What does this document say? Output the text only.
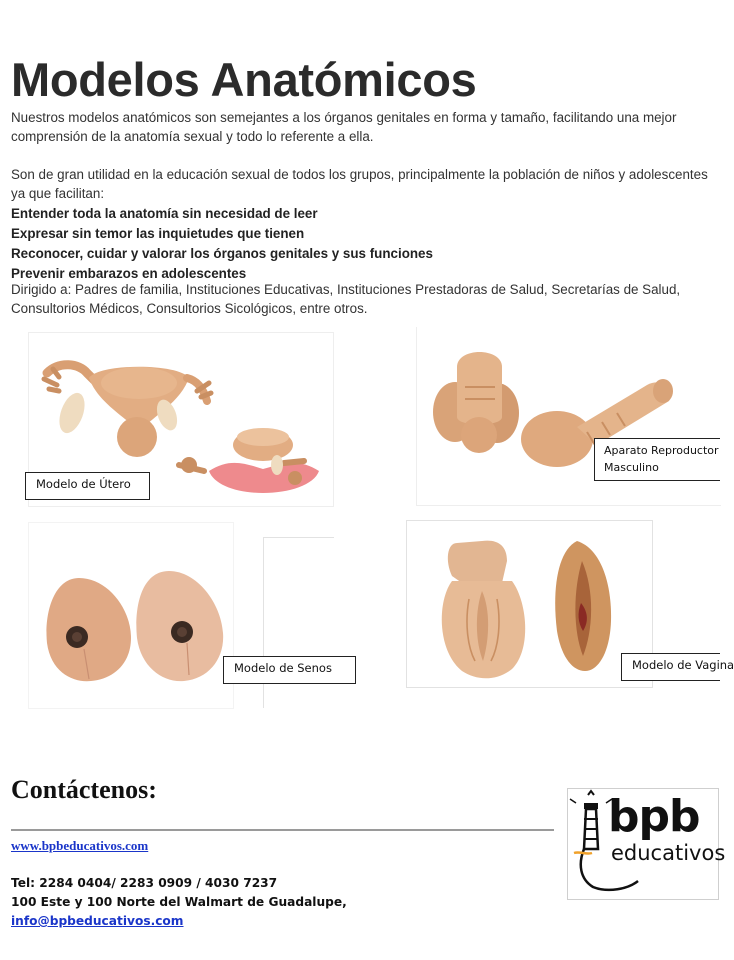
Modelos Anatómicos
Nuestros modelos anatómicos son semejantes a los órganos genitales en forma y tamaño, facilitando una mejor
comprensión de la anatomía sexual y todo lo referente a ella.
Son de gran utilidad en la educación sexual de todos los grupos, principalmente la población de niños y adolescentes
ya que facilitan:
Entender toda la anatomía sin necesidad de leer
Expresar sin temor las inquietudes que tienen
Reconocer, cuidar y valorar los órganos genitales y sus funciones
Prevenir embarazos en adolescentes
Dirigido a: Padres de familia, Instituciones Educativas, Instituciones Prestadoras de Salud, Secretarías de Salud,
Consultorios Médicos, Consultorios Sicológicos, entre otros.
Modelo de Útero
Aparato Reproductor
Masculino
Modelo de Senos	Modelo de Vagina
Contáctenos:
www.bpbeducativos.com
Tel: 2284 0404/ 2283 0909 / 4030 7237
100 Este y 100 Norte del Walmart de Guadalupe,
info@bpbeducativos.com
bpb
educativos
